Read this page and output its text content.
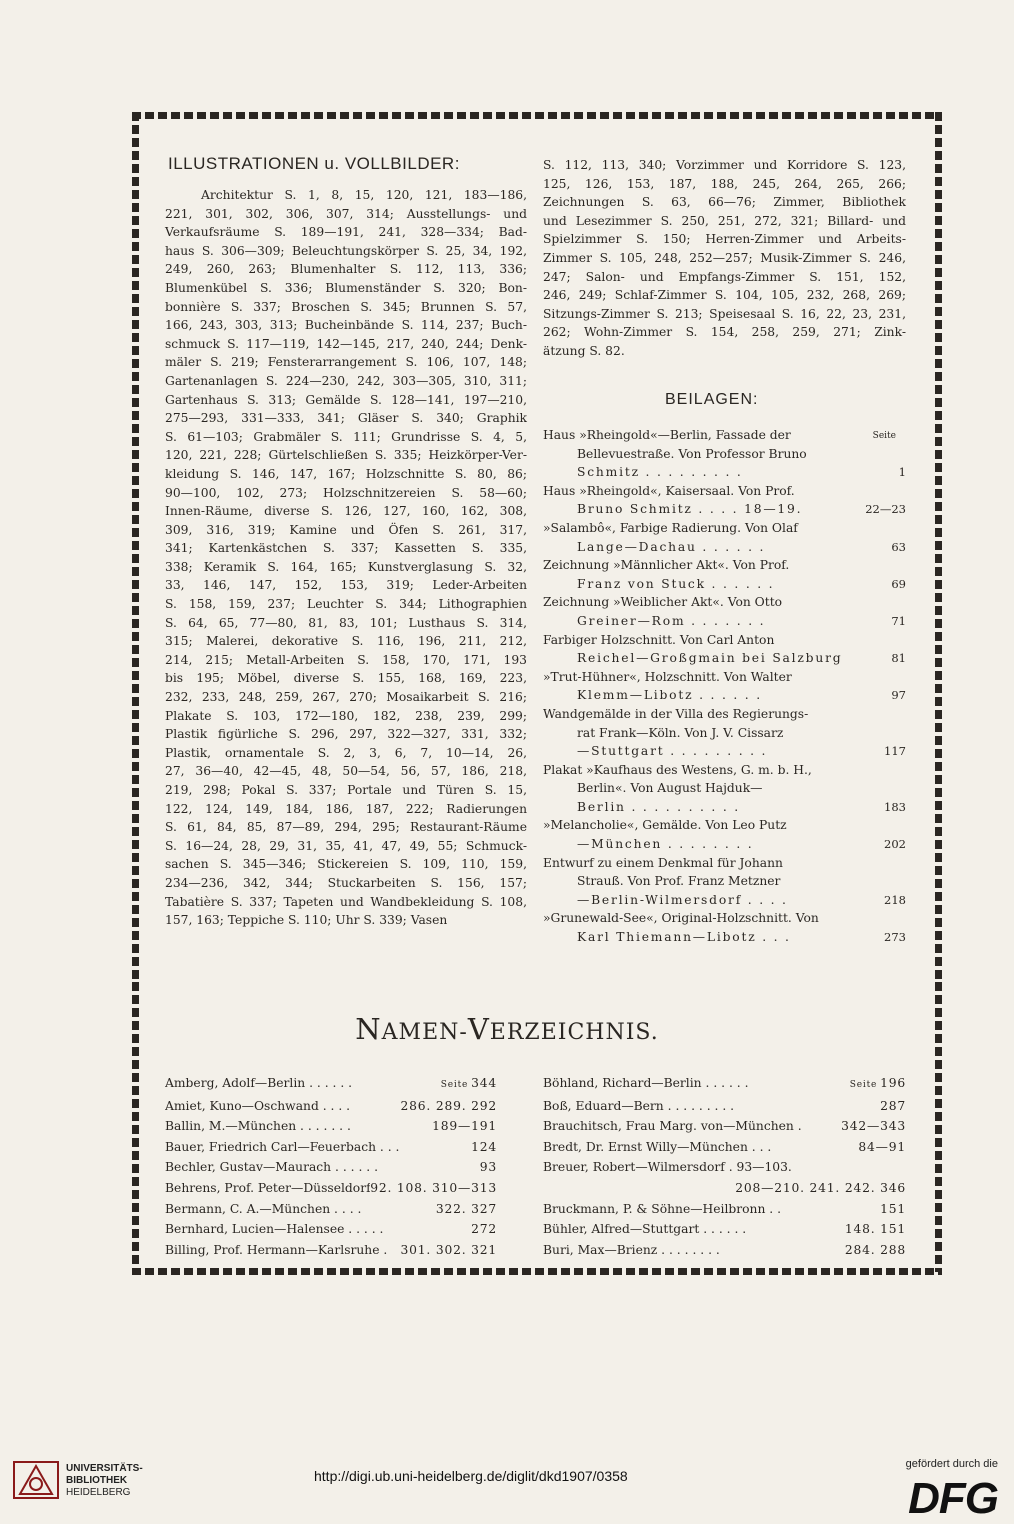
ILLUSTRATIONEN u. VOLLBILDER:

Architektur S. 1, 8, 15, 120, 121, 183—186,

221, 301, 302, 306, 307, 314; Ausstellungs- und

Verkaufsräume S. 189—191, 241, 328—334; Bad-

haus S. 306—309; Beleuchtungskörper S. 25, 34, 192,

249, 260, 263; Blumenhalter S. 112, 113, 336;

Blumenkübel S. 336; Blumenständer S. 320; Bon-

bonnière S. 337; Broschen S. 345; Brunnen S. 57,

166, 243, 303, 313; Bucheinbände S. 114, 237; Buch-

schmuck S. 117—119, 142—145, 217, 240, 244; Denk-

mäler S. 219; Fensterarrangement S. 106, 107, 148;

Gartenanlagen S. 224—230, 242, 303—305, 310, 311;

Gartenhaus S. 313; Gemälde S. 128—141, 197—210,

275—293, 331—333, 341; Gläser S. 340; Graphik

S. 61—103; Grabmäler S. 111; Grundrisse S. 4, 5,

120, 221, 228; Gürtelschließen S. 335; Heizkörper-Ver-

kleidung S. 146, 147, 167; Holzschnitte S. 80, 86;

90—100, 102, 273; Holzschnitzereien S. 58—60;

Innen-Räume, diverse S. 126, 127, 160, 162, 308,

309, 316, 319; Kamine und Öfen S. 261, 317,

341; Kartenkästchen S. 337; Kassetten S. 335,

338; Keramik S. 164, 165; Kunstverglasung S. 32,

33, 146, 147, 152, 153, 319; Leder-Arbeiten

S. 158, 159, 237; Leuchter S. 344; Lithographien

S. 64, 65, 77—80, 81, 83, 101; Lusthaus S. 314,

315; Malerei, dekorative S. 116, 196, 211, 212,

214, 215; Metall-Arbeiten S. 158, 170, 171, 193

bis 195; Möbel, diverse S. 155, 168, 169, 223,

232, 233, 248, 259, 267, 270; Mosaikarbeit S. 216;

Plakate S. 103, 172—180, 182, 238, 239, 299;

Plastik figürliche S. 296, 297, 322—327, 331, 332;

Plastik, ornamentale S. 2, 3, 6, 7, 10—14, 26,

27, 36—40, 42—45, 48, 50—54, 56, 57, 186, 218,

219, 298; Pokal S. 337; Portale und Türen S. 15,

122, 124, 149, 184, 186, 187, 222; Radierungen

S. 61, 84, 85, 87—89, 294, 295; Restaurant-Räume

S. 16—24, 28, 29, 31, 35, 41, 47, 49, 55; Schmuck-

sachen S. 345—346; Stickereien S. 109, 110, 159,

234—236, 342, 344; Stuckarbeiten S. 156, 157;

Tabatière S. 337; Tapeten und Wandbekleidung S. 108,

157, 163; Teppiche S. 110; Uhr S. 339; Vasen

S. 112, 113, 340; Vorzimmer und Korridore S. 123,

125, 126, 153, 187, 188, 245, 264, 265, 266;

Zeichnungen S. 63, 66—76; Zimmer, Bibliothek

und Lesezimmer S. 250, 251, 272, 321; Billard- und

Spielzimmer S. 150; Herren-Zimmer und Arbeits-

Zimmer S. 105, 248, 252—257; Musik-Zimmer S. 246,

247; Salon- und Empfangs-Zimmer S. 151, 152,

246, 249; Schlaf-Zimmer S. 104, 105, 232, 268, 269;

Sitzungs-Zimmer S. 213; Speisesaal S. 16, 22, 23, 231,

262; Wohn-Zimmer S. 154, 258, 259, 271; Zink-

ätzung S. 82.

BEILAGEN:
Haus »Rheingold«—Berlin, Fassade der
Bellevuestraße. Von Professor Bruno
Schmitz . . . . . . . . .	1
Seite
Haus »Rheingold«, Kaisersaal. Von Prof.
Bruno Schmitz . . . . 18—19.	22—23
»Salambô«, Farbige Radierung. Von Olaf
Lange—Dachau . . . . . .	63
Zeichnung »Männlicher Akt«. Von Prof.
Franz von Stuck . . . . . .	69
Zeichnung »Weiblicher Akt«. Von Otto
Greiner—Rom . . . . . . .	71
Farbiger Holzschnitt. Von Carl Anton
Reichel—Großgmain bei Salzburg	81
»Trut-Hühner«, Holzschnitt. Von Walter
Klemm—Libotz . . . . . .	97
Wandgemälde in der Villa des Regierungs-
rat Frank—Köln. Von J. V. Cissarz
—Stuttgart . . . . . . . . .	117
Plakat »Kaufhaus des Westens, G. m. b. H.,
Berlin«. Von August Hajduk—
Berlin . . . . . . . . . .	183
»Melancholie«, Gemälde. Von Leo Putz
—München . . . . . . . .	202
Entwurf zu einem Denkmal für Johann
Strauß. Von Prof. Franz Metzner
—Berlin-Wilmersdorf . . . .	218
»Grunewald-See«, Original-Holzschnitt. Von
Karl Thiemann—Libotz . . .	273
NAMEN-VERZEICHNIS.
Amberg, Adolf—Berlin . . . . . .	Seite 344
Amiet, Kuno—Oschwand . . . .	286. 289. 292
Ballin, M.—München . . . . . . .	189—191
Bauer, Friedrich Carl—Feuerbach . . .	124
Bechler, Gustav—Maurach . . . . . .	93
Behrens, Prof. Peter—Düsseldorf 92. 108. 310—313
Bermann, C. A.—München . . . .	322. 327
Bernhard, Lucien—Halensee . . . . .	272
Billing, Prof. Hermann—Karlsruhe . 301. 302. 321
Böhland, Richard—Berlin . . . . . .	Seite 196
Boß, Eduard—Bern . . . . . . . . .	287
Brauchitsch, Frau Marg. von—München .	342—343
Bredt, Dr. Ernst Willy—München . . .	84—91
Breuer, Robert—Wilmersdorf . 93—103.
208—210. 241. 242. 346
Bruckmann, P. & Söhne—Heilbronn . .	151
Bühler, Alfred—Stuttgart . . . . . .	148. 151
Buri, Max—Brienz . . . . . . . .	284. 288
UNIVERSITÄTS-
BIBLIOTHEK
HEIDELBERG
http://digi.ub.uni-heidelberg.de/diglit/dkd1907/0358
gefördert durch die
DFG
